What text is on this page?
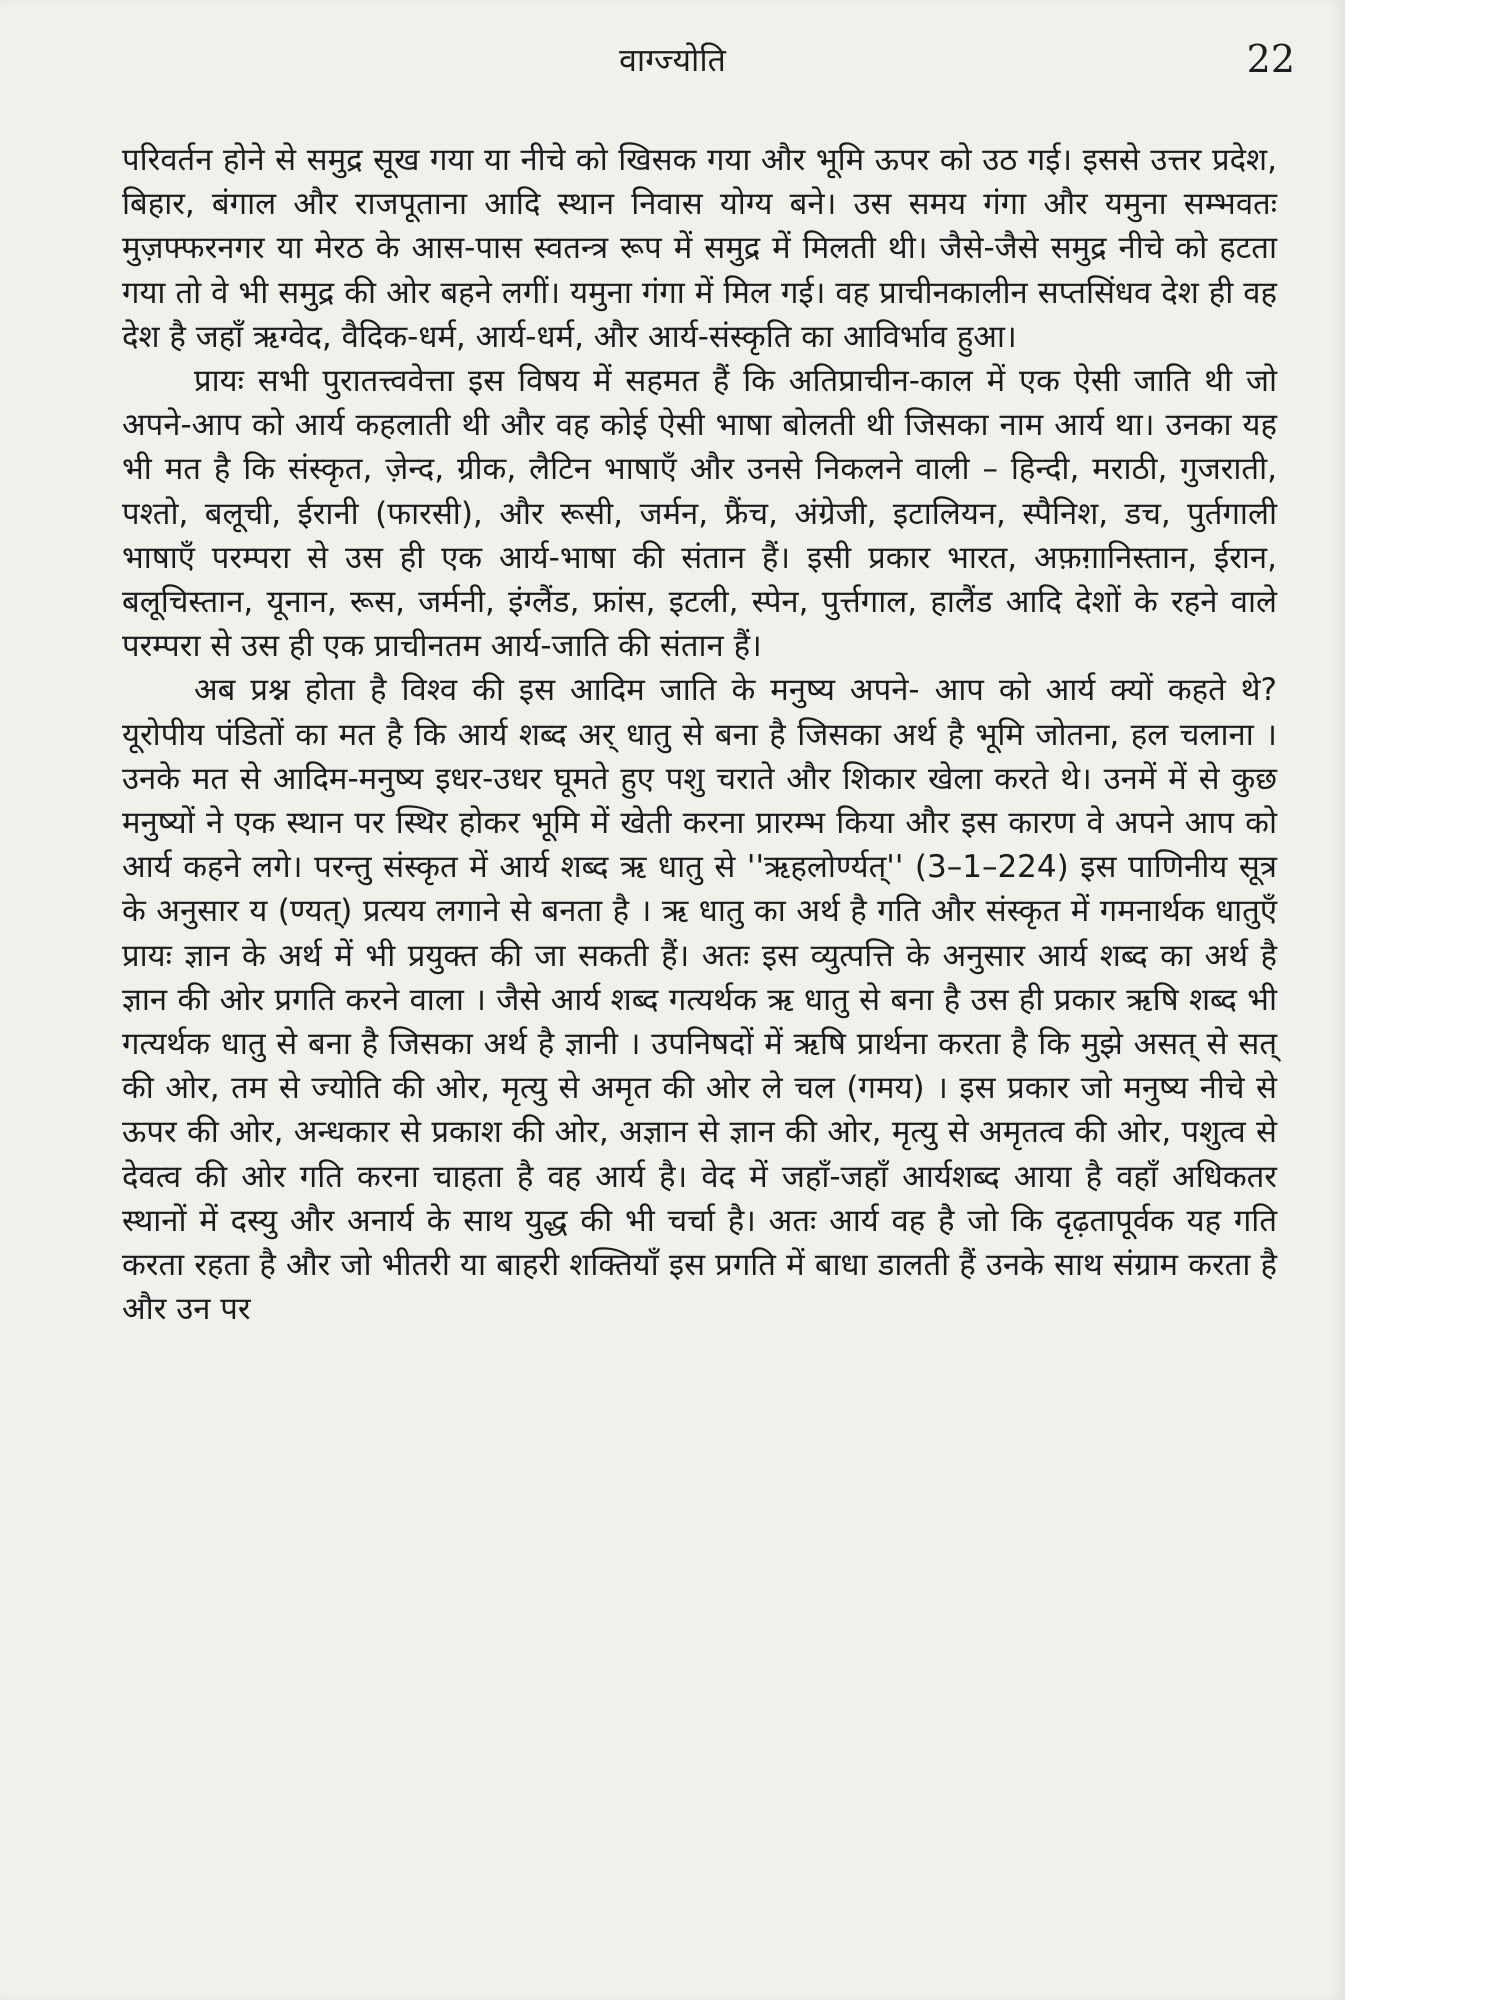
वाग्ज्योति	22

परिवर्तन होने से समुद्र सूख गया या नीचे को खिसक गया और भूमि ऊपर को उठ गई। इससे उत्तर प्रदेश, बिहार, बंगाल और राजपूताना आदि स्थान निवास योग्य बने। उस समय गंगा और यमुना सम्भवतः मुज़फ्फरनगर या मेरठ के आस-पास स्वतन्त्र रूप में समुद्र में मिलती थी। जैसे-जैसे समुद्र नीचे को हटता गया तो वे भी समुद्र की ओर बहने लगीं। यमुना गंगा में मिल गई। वह प्राचीनकालीन सप्तसिंधव देश ही वह देश है जहाँ ऋग्वेद, वैदिक-धर्म, आर्य-धर्म, और आर्य-संस्कृति का आविर्भाव हुआ।

प्रायः सभी पुरातत्त्ववेत्ता इस विषय में सहमत हैं कि अतिप्राचीन-काल में एक ऐसी जाति थी जो अपने-आप को आर्य कहलाती थी और वह कोई ऐसी भाषा बोलती थी जिसका नाम आर्य था। उनका यह भी मत है कि संस्कृत, ज़ेन्द, ग्रीक, लैटिन भाषाएँ और उनसे निकलने वाली – हिन्दी, मराठी, गुजराती, पश्तो, बलूची, ईरानी (फारसी), और रूसी, जर्मन, फ्रैंच, अंग्रेजी, इटालियन, स्पैनिश, डच, पुर्तगाली भाषाएँ परम्परा से उस ही एक आर्य-भाषा की संतान हैं। इसी प्रकार भारत, अफ़ग़ानिस्तान, ईरान, बलूचिस्तान, यूनान, रूस, जर्मनी, इंग्लैंड, फ्रांस, इटली, स्पेन, पुर्त्तगाल, हालैंड आदि देशों के रहने वाले परम्परा से उस ही एक प्राचीनतम आर्य-जाति की संतान हैं।

अब प्रश्न होता है विश्व की इस आदिम जाति के मनुष्य अपने- आप को आर्य क्यों कहते थे? यूरोपीय पंडितों का मत है कि आर्य शब्द अर् धातु से बना है जिसका अर्थ है भूमि जोतना, हल चलाना । उनके मत से आदिम-मनुष्य इधर-उधर घूमते हुए पशु चराते और शिकार खेला करते थे। उनमें में से कुछ मनुष्यों ने एक स्थान पर स्थिर होकर भूमि में खेती करना प्रारम्भ किया और इस कारण वे अपने आप को आर्य कहने लगे। परन्तु संस्कृत में आर्य शब्द ऋ धातु से ''ऋहलोर्ण्यत्'' (3–1–224) इस पाणिनीय सूत्र के अनुसार य (ण्यत्) प्रत्यय लगाने से बनता है । ऋ धातु का अर्थ है गति और संस्कृत में गमनार्थक धातुएँ प्रायः ज्ञान के अर्थ में भी प्रयुक्त की जा सकती हैं। अतः इस व्युत्पत्ति के अनुसार आर्य शब्द का अर्थ है ज्ञान की ओर प्रगति करने वाला । जैसे आर्य शब्द गत्यर्थक ऋ धातु से बना है उस ही प्रकार ऋषि शब्द भी गत्यर्थक धातु से बना है जिसका अर्थ है ज्ञानी । उपनिषदों में ऋषि प्रार्थना करता है कि मुझे असत् से सत् की ओर, तम से ज्योति की ओर, मृत्यु से अमृत की ओर ले चल (गमय) । इस प्रकार जो मनुष्य नीचे से ऊपर की ओर, अन्धकार से प्रकाश की ओर, अज्ञान से ज्ञान की ओर, मृत्यु से अमृतत्व की ओर, पशुत्व से देवत्व की ओर गति करना चाहता है वह आर्य है। वेद में जहाँ-जहाँ आर्यशब्द आया है वहाँ अधिकतर स्थानों में दस्यु और अनार्य के साथ युद्ध की भी चर्चा है। अतः आर्य वह है जो कि दृढ़तापूर्वक यह गति करता रहता है और जो भीतरी या बाहरी शक्तियाँ इस प्रगति में बाधा डालती हैं उनके साथ संग्राम करता है और उन पर
